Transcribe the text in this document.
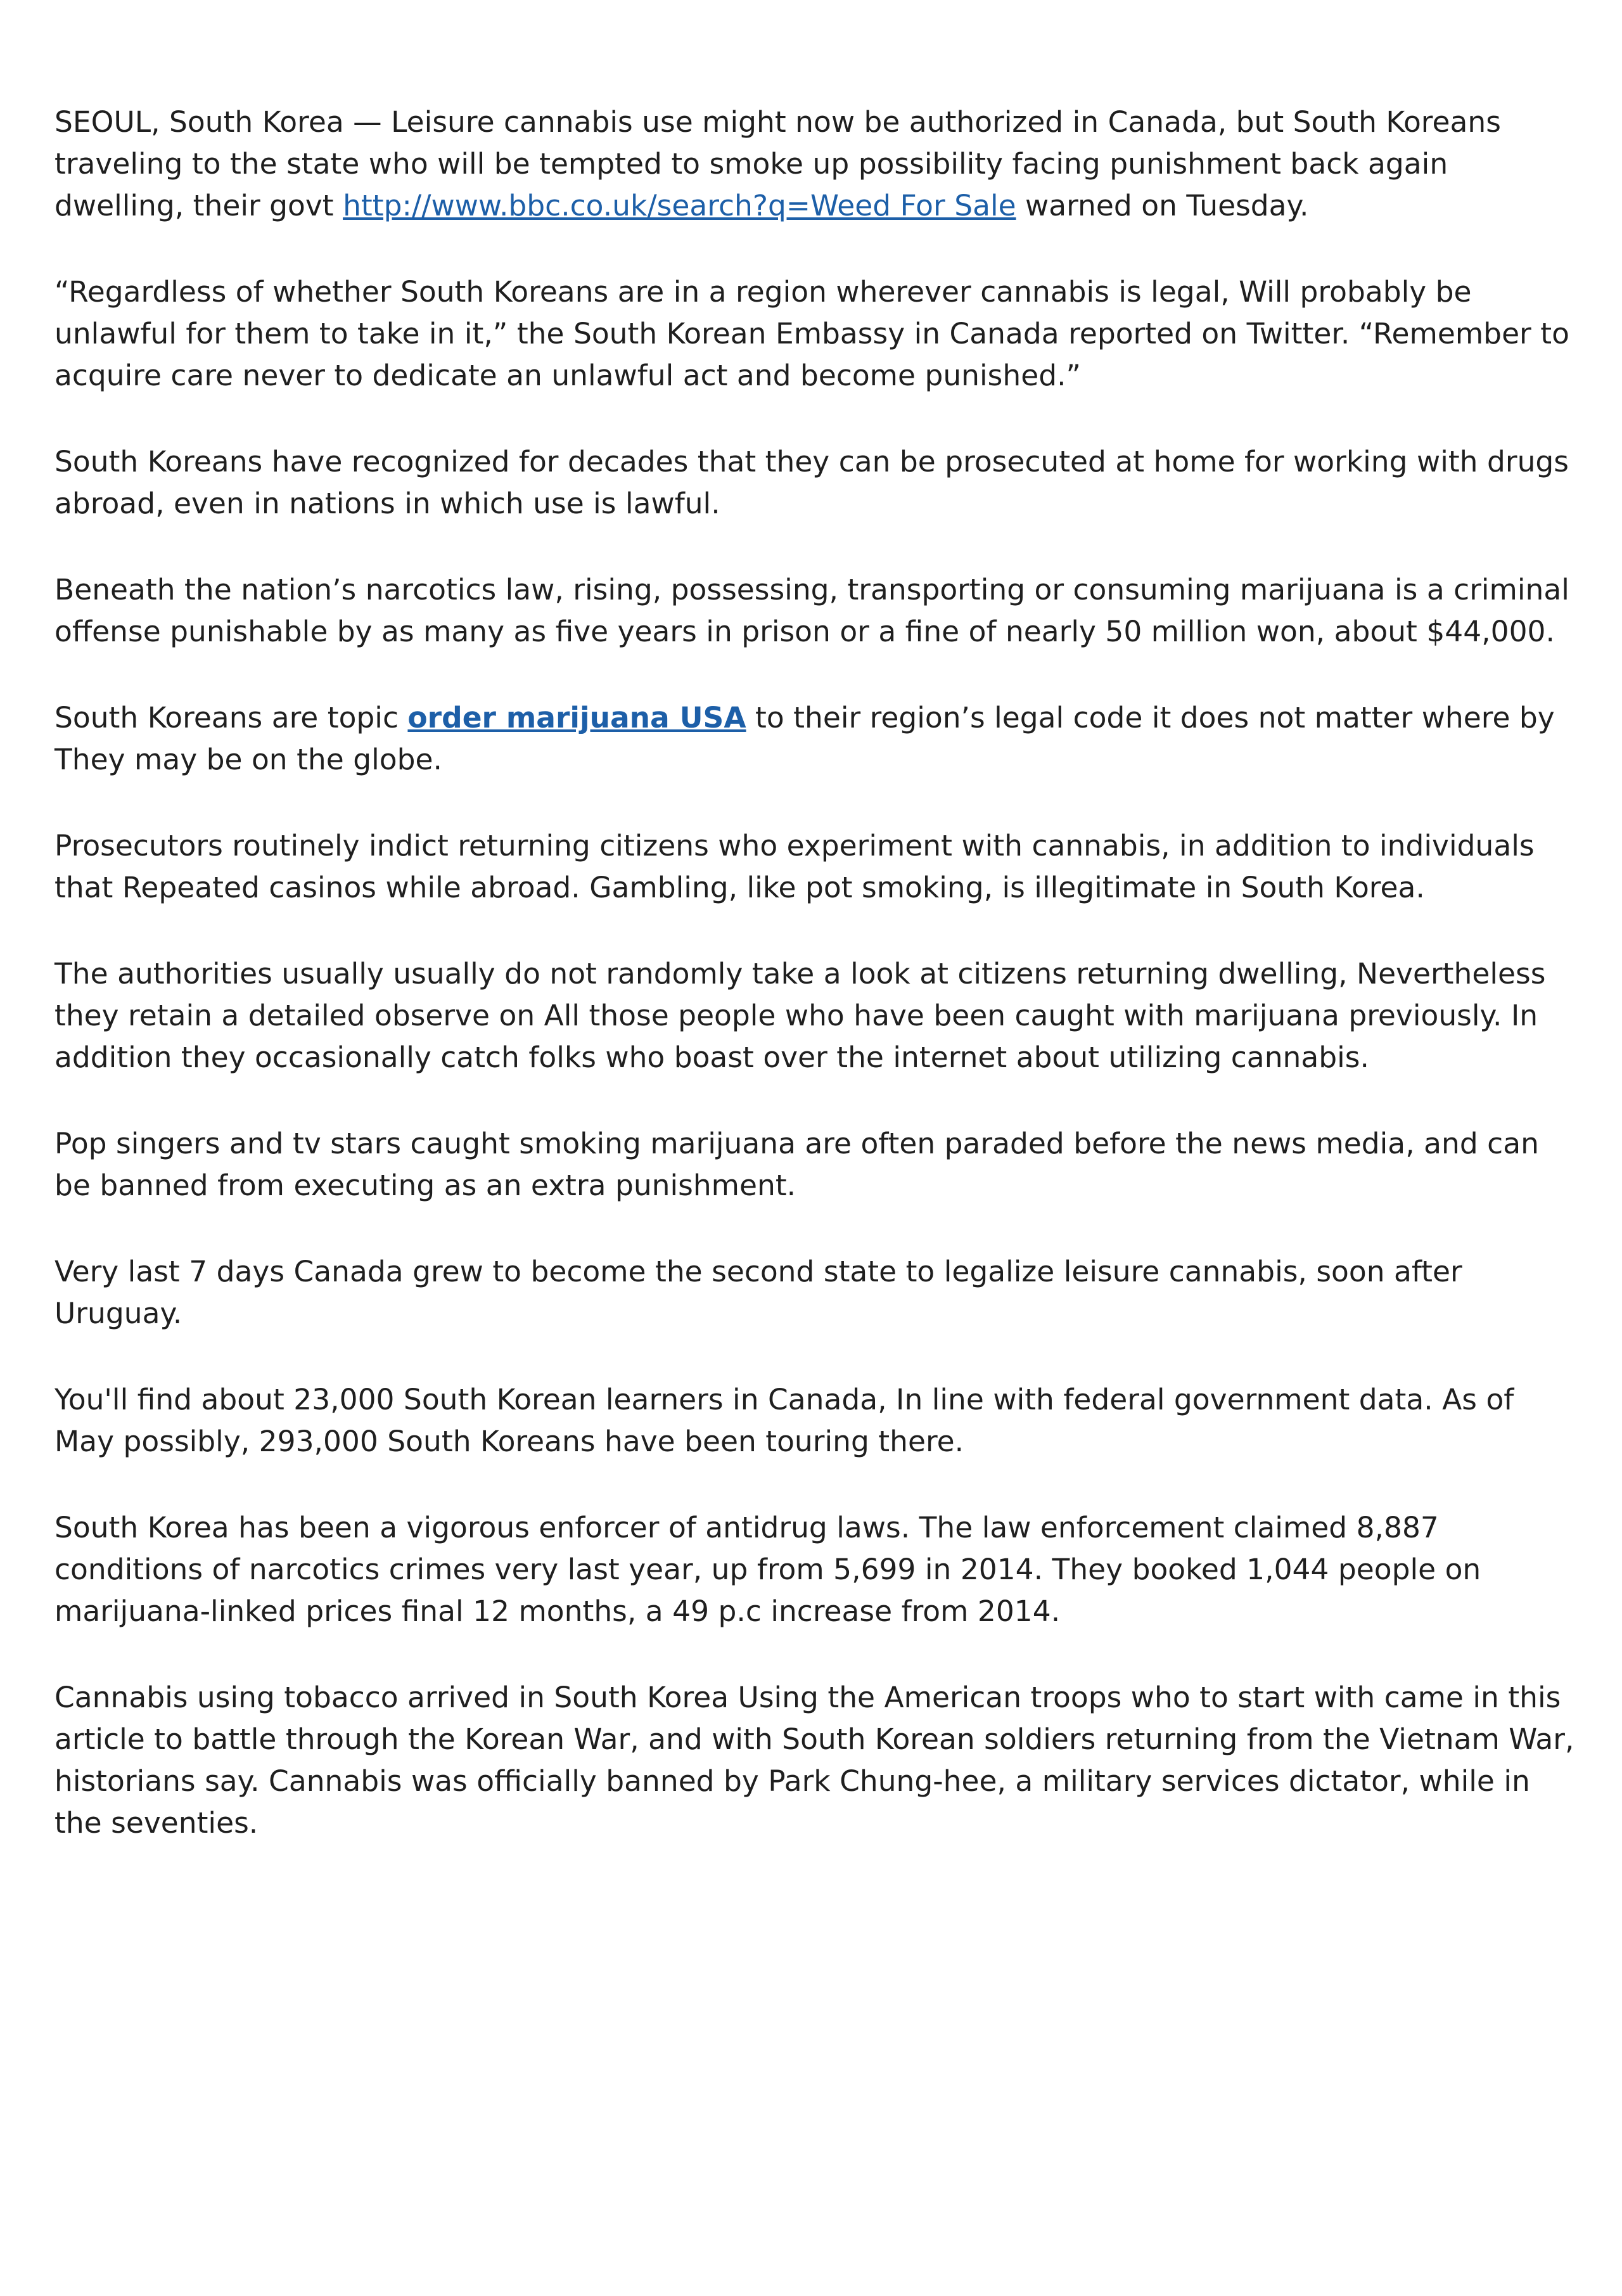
SEOUL, South Korea — Leisure cannabis use might now be authorized in Canada, but South Koreans traveling to the state who will be tempted to smoke up possibility facing punishment back again dwelling, their govt http://www.bbc.co.uk/search?q=Weed For Sale warned on Tuesday.

“Regardless of whether South Koreans are in a region wherever cannabis is legal, Will probably be unlawful for them to take in it,” the South Korean Embassy in Canada reported on Twitter. “Remember to acquire care never to dedicate an unlawful act and become punished.”

South Koreans have recognized for decades that they can be prosecuted at home for working with drugs abroad, even in nations in which use is lawful.

Beneath the nation’s narcotics law, rising, possessing, transporting or consuming marijuana is a criminal offense punishable by as many as five years in prison or a fine of nearly 50 million won, about $44,000.

South Koreans are topic order marijuana USA to their region’s legal code it does not matter where by They may be on the globe.

Prosecutors routinely indict returning citizens who experiment with cannabis, in addition to individuals that Repeated casinos while abroad. Gambling, like pot smoking, is illegitimate in South Korea.

The authorities usually usually do not randomly take a look at citizens returning dwelling, Nevertheless they retain a detailed observe on All those people who have been caught with marijuana previously. In addition they occasionally catch folks who boast over the internet about utilizing cannabis.

Pop singers and tv stars caught smoking marijuana are often paraded before the news media, and can be banned from executing as an extra punishment.

Very last 7 days Canada grew to become the second state to legalize leisure cannabis, soon after Uruguay.

You'll find about 23,000 South Korean learners in Canada, In line with federal government data. As of May possibly, 293,000 South Koreans have been touring there.

South Korea has been a vigorous enforcer of antidrug laws. The law enforcement claimed 8,887 conditions of narcotics crimes very last year, up from 5,699 in 2014. They booked 1,044 people on marijuana-linked prices final 12 months, a 49 p.c increase from 2014.

Cannabis using tobacco arrived in South Korea Using the American troops who to start with came in this article to battle through the Korean War, and with South Korean soldiers returning from the Vietnam War, historians say. Cannabis was officially banned by Park Chung-hee, a military services dictator, while in the seventies.
